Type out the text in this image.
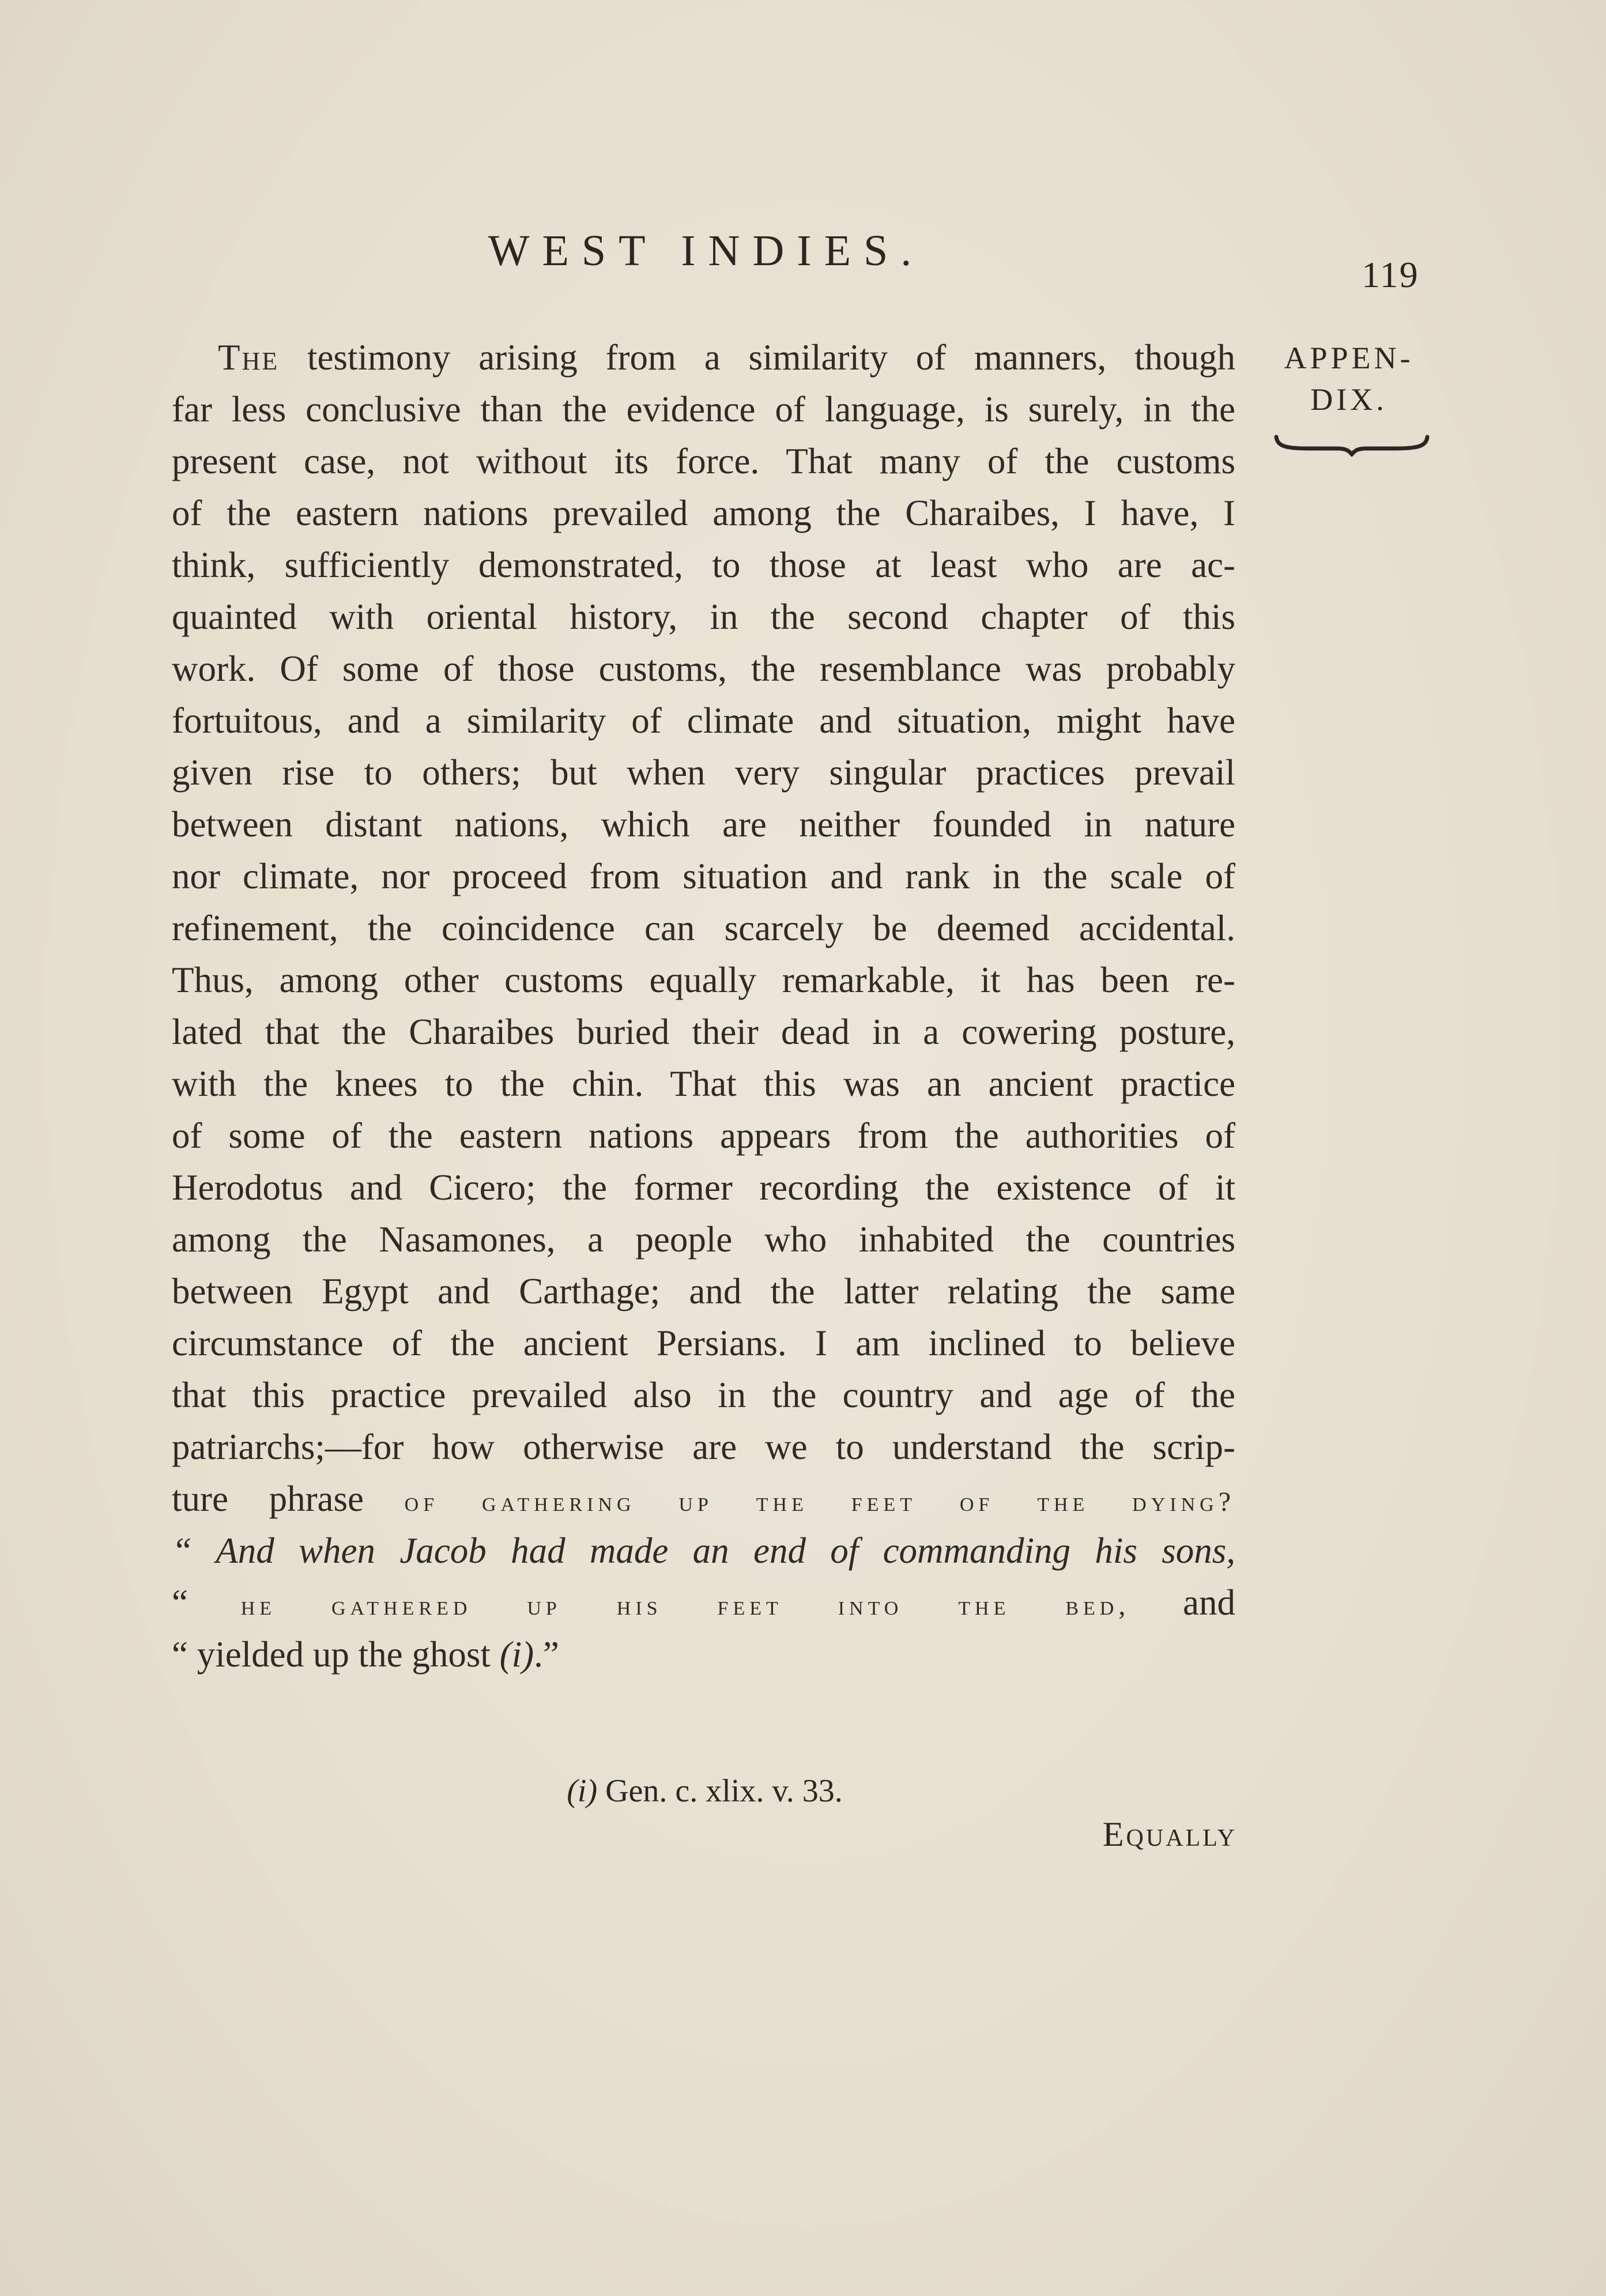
WEST INDIES.	119
APPEN-
DIX.
The testimony arising from a similarity of manners, though
far less conclusive than the evidence of language, is surely, in the
present case, not without its force. That many of the customs
of the eastern nations prevailed among the Charaibes, I have, I
think, sufficiently demonstrated, to those at least who are ac-
quainted with oriental history, in the second chapter of this
work. Of some of those customs, the resemblance was probably
fortuitous, and a similarity of climate and situation, might have
given rise to others; but when very singular practices prevail
between distant nations, which are neither founded in nature
nor climate, nor proceed from situation and rank in the scale of
refinement, the coincidence can scarcely be deemed accidental.
Thus, among other customs equally remarkable, it has been re-
lated that the Charaibes buried their dead in a cowering posture,
with the knees to the chin. That this was an ancient practice
of some of the eastern nations appears from the authorities of
Herodotus and Cicero; the former recording the existence of it
among the Nasamones, a people who inhabited the countries
between Egypt and Carthage; and the latter relating the same
circumstance of the ancient Persians. I am inclined to believe
that this practice prevailed also in the country and age of the
patriarchs;—for how otherwise are we to understand the scrip-
ture phrase of gathering up the feet of the dying?
“ And when Jacob had made an end of commanding his sons,
“ he gathered up his feet into the bed, and
“ yielded up the ghost (i).”
(i) Gen. c. xlix. v. 33.
Equally
